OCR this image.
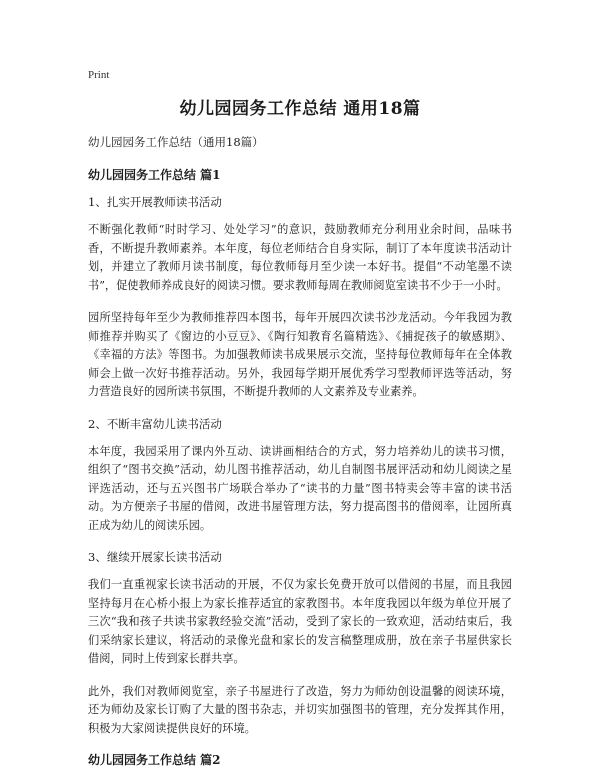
Print
幼儿园园务工作总结 通用18篇
幼儿园园务工作总结（通用18篇）
幼儿园园务工作总结 篇1
1、扎实开展教师读书活动

不断强化教师“时时学习、处处学习”的意识，鼓励教师充分利用业余时间，品味书香，不断提升教师素养。本年度，每位老师结合自身实际，制订了本年度读书活动计划，并建立了教师月读书制度，每位教师每月至少读一本好书。提倡“不动笔墨不读书”，促使教师养成良好的阅读习惯。要求教师每周在教师阅览室读书不少于一小时。

园所坚持每年至少为教师推荐四本图书，每年开展四次读书沙龙活动。今年我园为教师推荐并购买了《窗边的小豆豆》、《陶行知教育名篇精选》、《捕捉孩子的敏感期》、《幸福的方法》等图书。为加强教师读书成果展示交流，坚持每位教师每年在全体教师会上做一次好书推荐活动。另外，我园每学期开展优秀学习型教师评选等活动，努力营造良好的园所读书氛围，不断提升教师的人文素养及专业素养。

2、不断丰富幼儿读书活动

本年度，我园采用了课内外互动、读讲画相结合的方式，努力培养幼儿的读书习惯，组织了“图书交换”活动，幼儿图书推荐活动，幼儿自制图书展评活动和幼儿阅读之星评选活动，还与五兴图书广场联合举办了“读书的力量”图书特卖会等丰富的读书活动。为方便亲子书屋的借阅，改进书屋管理方法，努力提高图书的借阅率，让园所真正成为幼儿的阅读乐园。

3、继续开展家长读书活动

我们一直重视家长读书活动的开展，不仅为家长免费开放可以借阅的书屋，而且我园坚持每月在心桥小报上为家长推荐适宜的家教图书。本年度我园以年级为单位开展了三次“我和孩子共读书家教经验交流”活动，受到了家长的一致欢迎，活动结束后，我们采纳家长建议，将活动的录像光盘和家长的发言稿整理成册，放在亲子书屋供家长借阅，同时上传到家长群共享。

此外，我们对教师阅览室，亲子书屋进行了改造，努力为师幼创设温馨的阅读环境，还为师幼及家长订购了大量的图书杂志，并切实加强图书的管理，充分发挥其作用，积极为大家阅读提供良好的环境。

幼儿园园务工作总结 篇2
